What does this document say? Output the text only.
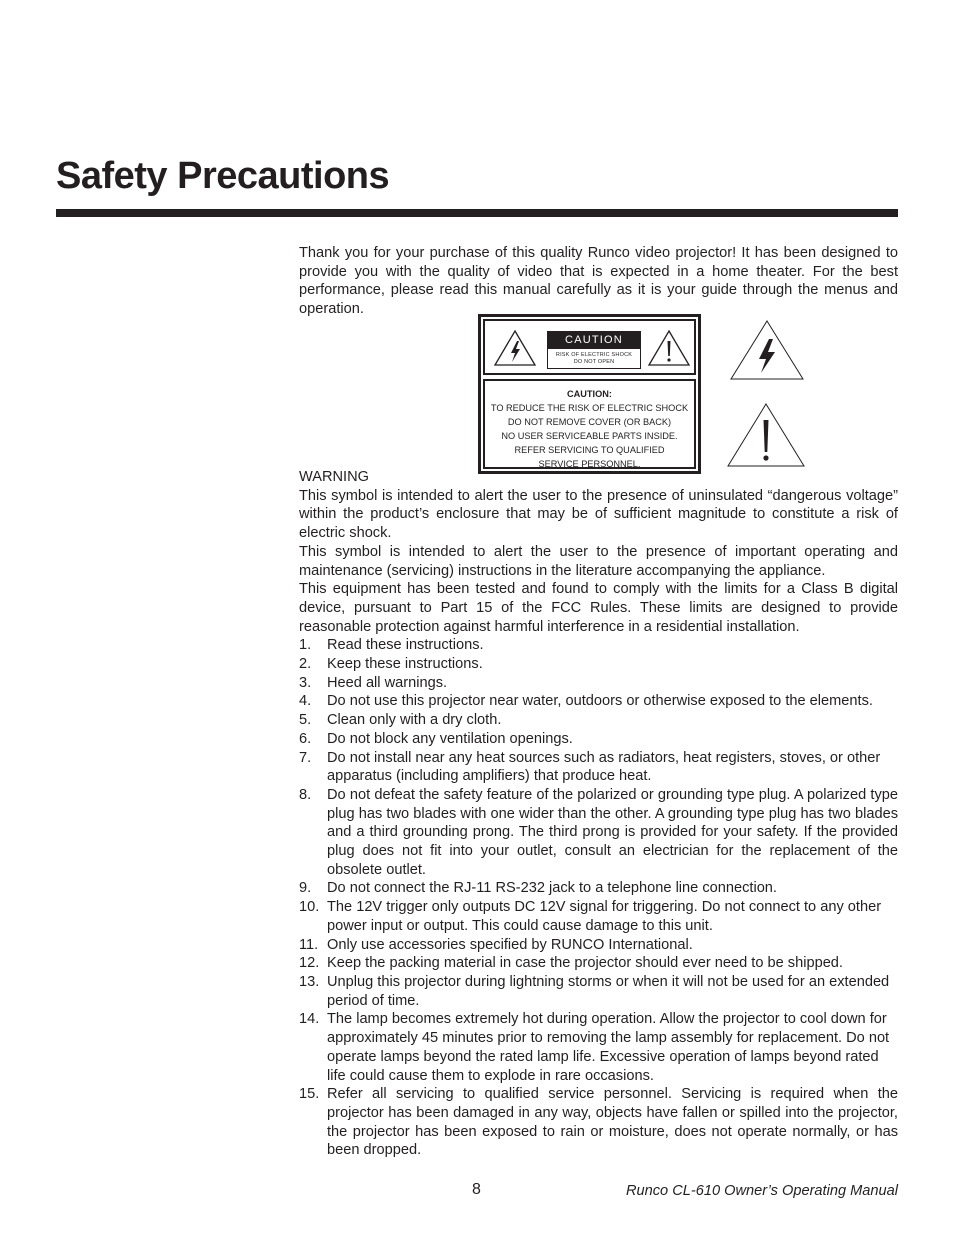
Safety Precautions
Thank you for your purchase of this quality Runco video projector! It has been designed to provide you with the quality of video that is expected in a home theater. For the best performance, please read this manual carefully as it is your guide through the menus and operation.
CAUTION
RISK OF ELECTRIC SHOCK
DO NOT OPEN
CAUTION:
TO REDUCE THE RISK OF ELECTRIC SHOCK
DO NOT REMOVE COVER (OR BACK)
NO USER SERVICEABLE PARTS INSIDE.
REFER SERVICING TO QUALIFIED
SERVICE PERSONNEL.

WARNING

This symbol is intended to alert the user to the presence of uninsulated “dangerous voltage” within the product’s enclosure that may be of sufficient magnitude to constitute a risk of electric shock.

This symbol is intended to alert the user to the presence of important operating and maintenance (servicing) instructions in the literature accompanying the appliance.

This equipment has been tested and found to comply with the limits for a Class B digital device, pursuant to Part 15 of the FCC Rules. These limits are designed to provide reasonable protection against harmful interference in a residential installation.

1. Read these instructions.
2. Keep these instructions.
3. Heed all warnings.
4. Do not use this projector near water, outdoors or otherwise exposed to the elements.
5. Clean only with a dry cloth.
6. Do not block any ventilation openings.
7. Do not install near any heat sources such as radiators, heat registers, stoves, or other apparatus (including amplifiers) that produce heat.
8. Do not defeat the safety feature of the polarized or grounding type plug. A polarized type plug has two blades with one wider than the other. A grounding type plug has two blades and a third grounding prong. The third prong is provided for your safety. If the provided plug does not fit into your outlet, consult an electrician for the replacement of the obsolete outlet.
9. Do not connect the RJ-11 RS-232 jack to a telephone line connection.
10. The 12V trigger only outputs DC 12V signal for triggering. Do not connect to any other power input or output. This could cause damage to this unit.
11. Only use accessories specified by RUNCO International.
12. Keep the packing material in case the projector should ever need to be shipped.
13. Unplug this projector during lightning storms or when it will not be used for an extended period of time.
14. The lamp becomes extremely hot during operation. Allow the projector to cool down for approximately 45 minutes prior to removing the lamp assembly for replacement. Do not operate lamps beyond the rated lamp life. Excessive operation of lamps beyond rated life could cause them to explode in rare occasions.
15. Refer all servicing to qualified service personnel. Servicing is required when the projector has been damaged in any way, objects have fallen or spilled into the projector, the projector has been exposed to rain or moisture, does not operate normally, or has been dropped.
8	Runco CL-610 Owner’s Operating Manual
